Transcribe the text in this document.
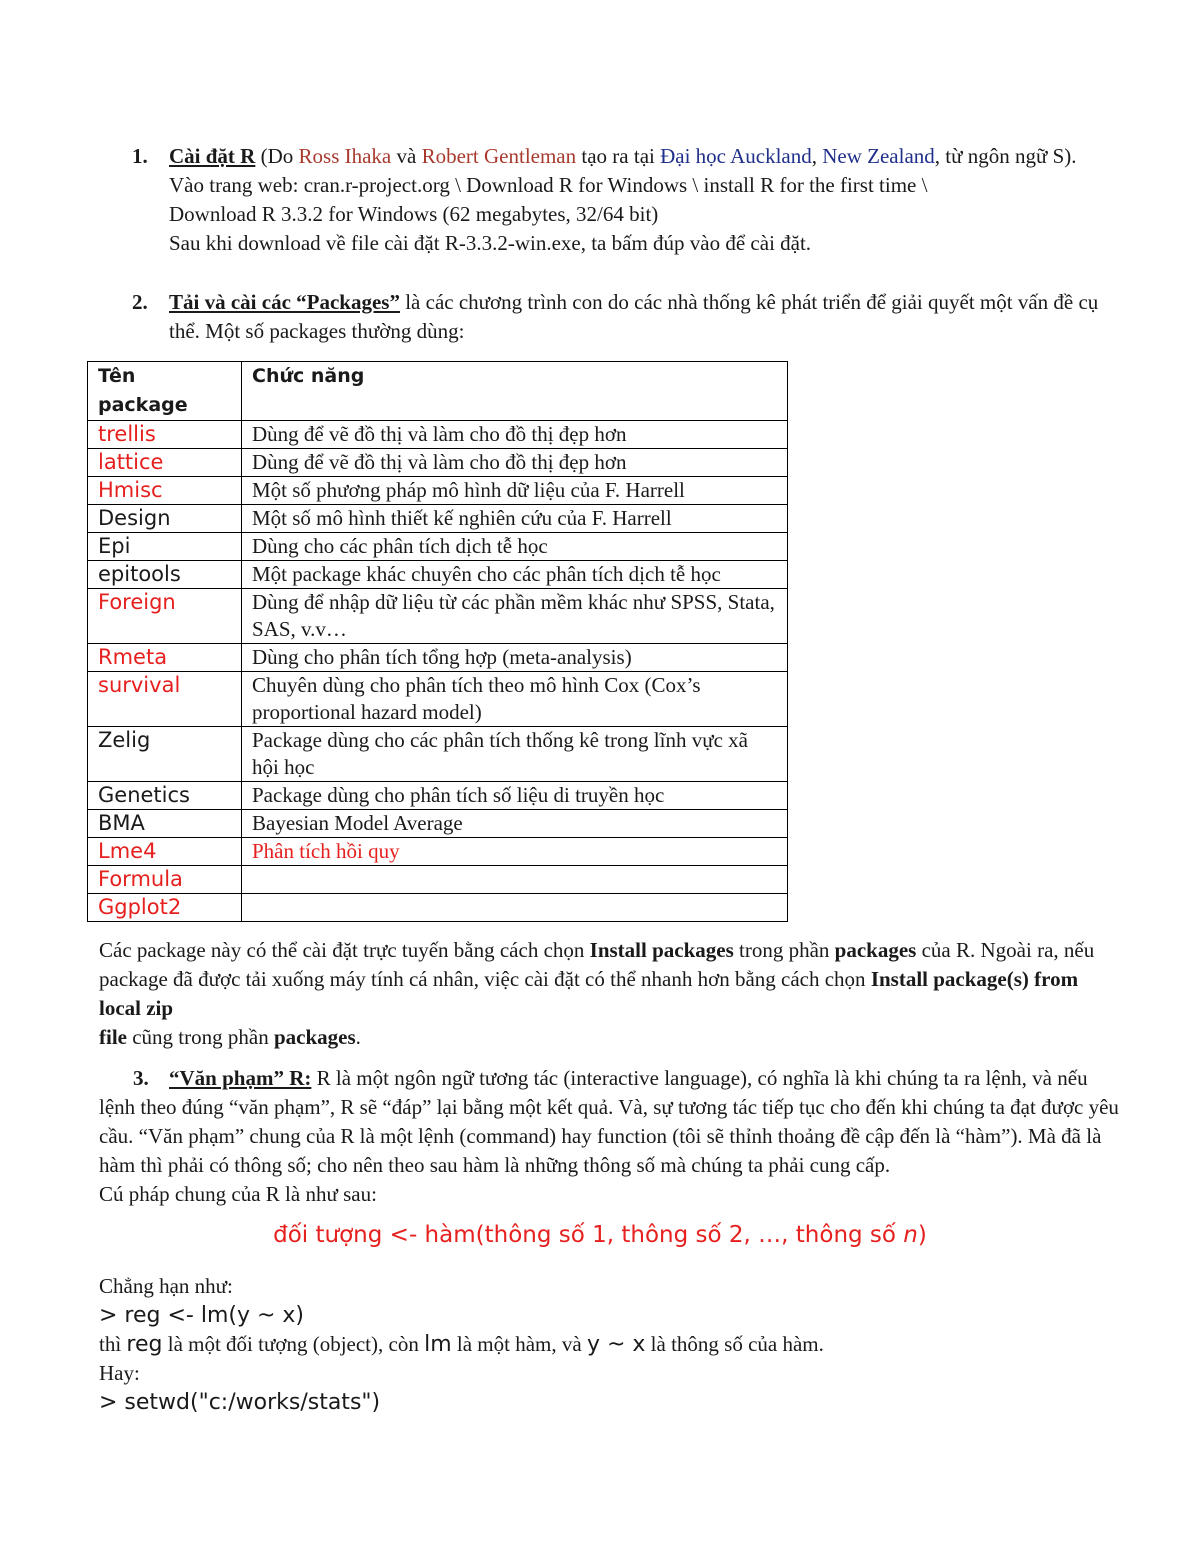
1. Cài đặt R (Do Ross Ihaka và Robert Gentleman tạo ra tại Đại học Auckland, New Zealand, từ ngôn ngữ S).
Vào trang web: cran.r-project.org \ Download R for Windows \ install R for the first time \
Download R 3.3.2 for Windows (62 megabytes, 32/64 bit)
Sau khi download về file cài đặt R-3.3.2-win.exe, ta bấm đúp vào để cài đặt.
2. Tải và cài các “Packages” là các chương trình con do các nhà thống kê phát triển để giải quyết một vấn đề cụ thể. Một số packages thường dùng:
Tên package	Chức năng
trellis	Dùng để vẽ đồ thị và làm cho đồ thị đẹp hơn
lattice	Dùng để vẽ đồ thị và làm cho đồ thị đẹp hơn
Hmisc	Một số phương pháp mô hình dữ liệu của F. Harrell
Design	Một số mô hình thiết kế nghiên cứu của F. Harrell
Epi	Dùng cho các phân tích dịch tễ học
epitools	Một package khác chuyên cho các phân tích dịch tễ học
Foreign	Dùng để nhập dữ liệu từ các phần mềm khác như SPSS, Stata, SAS, v.v…
Rmeta	Dùng cho phân tích tổng hợp (meta-analysis)
survival	Chuyên dùng cho phân tích theo mô hình Cox (Cox’s proportional hazard model)
Zelig	Package dùng cho các phân tích thống kê trong lĩnh vực xã hội học
Genetics	Package dùng cho phân tích số liệu di truyền học
BMA	Bayesian Model Average
Lme4	Phân tích hồi quy
Formula	
Ggplot2	
Các package này có thể cài đặt trực tuyến bằng cách chọn Install packages trong phần packages của R. Ngoài ra, nếu package đã được tải xuống máy tính cá nhân, việc cài đặt có thể nhanh hơn bằng cách chọn Install package(s) from local zip
file cũng trong phần packages.
3. “Văn phạm” R: R là một ngôn ngữ tương tác (interactive language), có nghĩa là khi chúng ta ra lệnh, và nếu lệnh theo đúng “văn phạm”, R sẽ “đáp” lại bằng một kết quả. Và, sự tương tác tiếp tục cho đến khi chúng ta đạt được yêu cầu. “Văn phạm” chung của R là một lệnh (command) hay function (tôi sẽ thỉnh thoảng đề cập đến là “hàm”). Mà đã là hàm thì phải có thông số; cho nên theo sau hàm là những thông số mà chúng ta phải cung cấp.
Cú pháp chung của R là như sau:
đối tượng <- hàm(thông số 1, thông số 2, …, thông số n)
Chẳng hạn như:
> reg <- lm(y ~ x)
thì reg là một đối tượng (object), còn lm là một hàm, và y ~ x là thông số của hàm.
Hay:
> setwd("c:/works/stats")
